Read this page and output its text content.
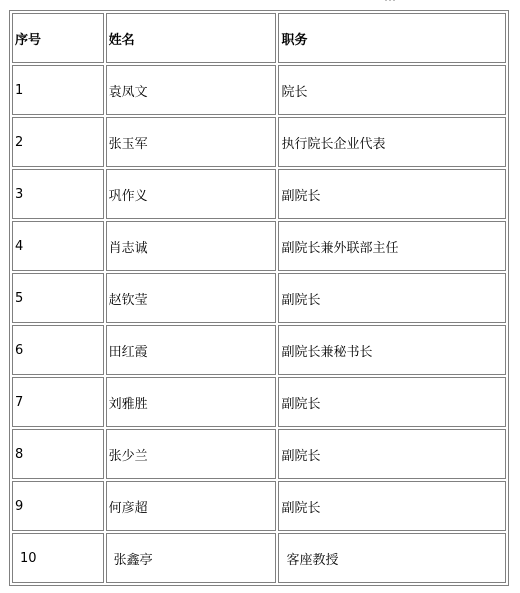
序号	姓名	职务
1	袁凤文	院长
2	张玉军	执行院长企业代表
3	巩作义	副院长
4	肖志诚	副院长兼外联部主任
5	赵钦莹	副院长
6	田红霞	副院长兼秘书长
7	刘雅胜	副院长
8	张少兰	副院长
9	何彦超	副院长
10	张鑫亭	客座教授
